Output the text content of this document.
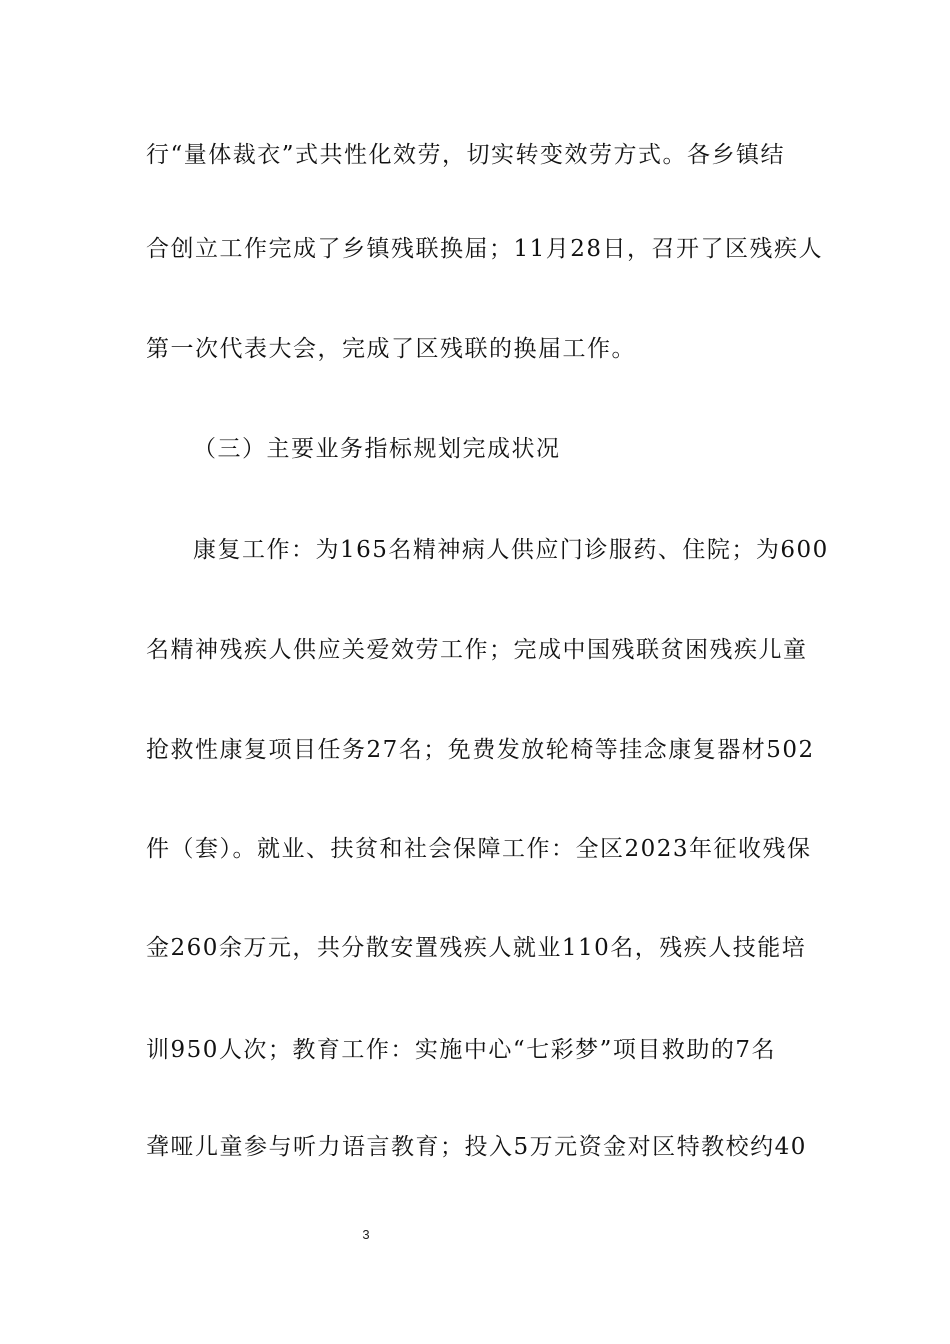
行“量体裁衣”式共性化效劳，切实转变效劳方式。各乡镇结
合创立工作完成了乡镇残联换届；11月28日，召开了区残疾人
第一次代表大会，完成了区残联的换届工作。
（三）主要业务指标规划完成状况
康复工作：为165名精神病人供应门诊服药、住院；为600
名精神残疾人供应关爱效劳工作；完成中国残联贫困残疾儿童
抢救性康复项目任务27名；免费发放轮椅等挂念康复器材502
件（套）。就业、扶贫和社会保障工作：全区2023年征收残保
金260余万元，共分散安置残疾人就业110名，残疾人技能培
训950人次；教育工作：实施中心“七彩梦”项目救助的7名
聋哑儿童参与听力语言教育；投入5万元资金对区特教校约40
3
